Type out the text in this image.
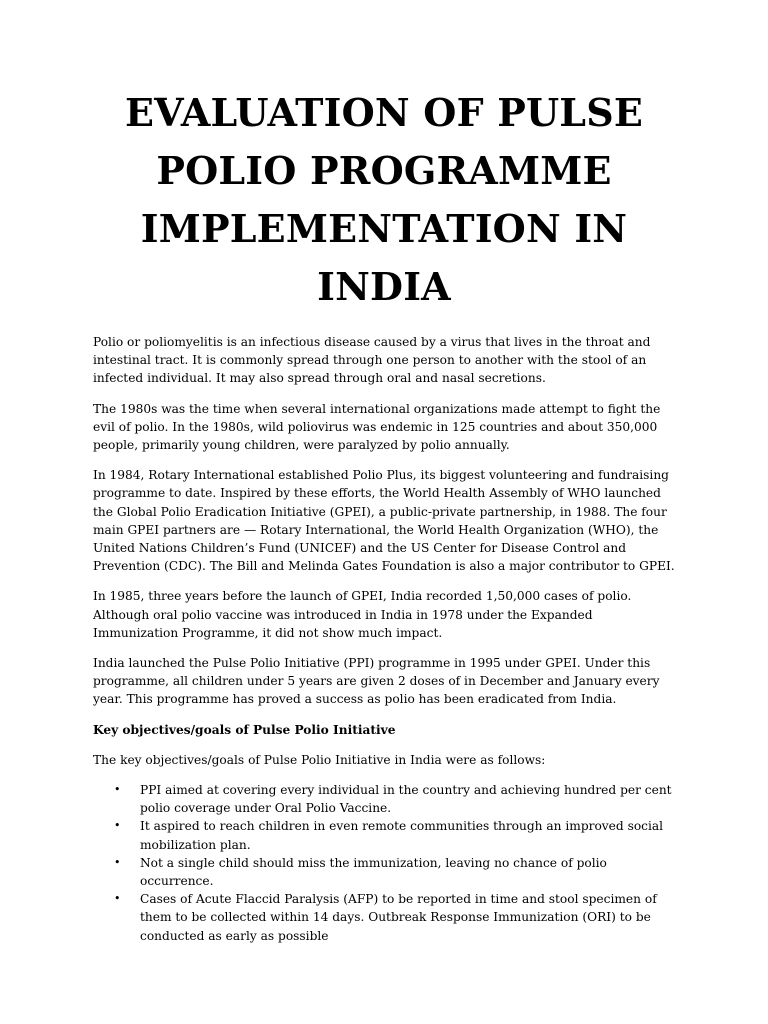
EVALUATION OF PULSE POLIO PROGRAMME IMPLEMENTATION IN INDIA

Polio or poliomyelitis is an infectious disease caused by a virus that lives in the throat and intestinal tract. It is commonly spread through one person to another with the stool of an infected individual. It may also spread through oral and nasal secretions.

The 1980s was the time when several international organizations made attempt to fight the evil of polio. In the 1980s, wild poliovirus was endemic in 125 countries and about 350,000 people, primarily young children, were paralyzed by polio annually.

In 1984, Rotary International established Polio Plus, its biggest volunteering and fundraising programme to date. Inspired by these efforts, the World Health Assembly of WHO launched the Global Polio Eradication Initiative (GPEI), a public-private partnership, in 1988. The four main GPEI partners are — Rotary International, the World Health Organization (WHO), the United Nations Children’s Fund (UNICEF) and the US Center for Disease Control and Prevention (CDC). The Bill and Melinda Gates Foundation is also a major contributor to GPEI.

In 1985, three years before the launch of GPEI, India recorded 1,50,000 cases of polio. Although oral polio vaccine was introduced in India in 1978 under the Expanded Immunization Programme, it did not show much impact.

India launched the Pulse Polio Initiative (PPI) programme in 1995 under GPEI. Under this programme, all children under 5 years are given 2 doses of in December and January every year. This programme has proved a success as polio has been eradicated from India.

Key objectives/goals of Pulse Polio Initiative

The key objectives/goals of Pulse Polio Initiative in India were as follows:

• PPI aimed at covering every individual in the country and achieving hundred per cent polio coverage under Oral Polio Vaccine.
• It aspired to reach children in even remote communities through an improved social mobilization plan.
• Not a single child should miss the immunization, leaving no chance of polio occurrence.
• Cases of Acute Flaccid Paralysis (AFP) to be reported in time and stool specimen of them to be collected within 14 days. Outbreak Response Immunization (ORI) to be conducted as early as possible
